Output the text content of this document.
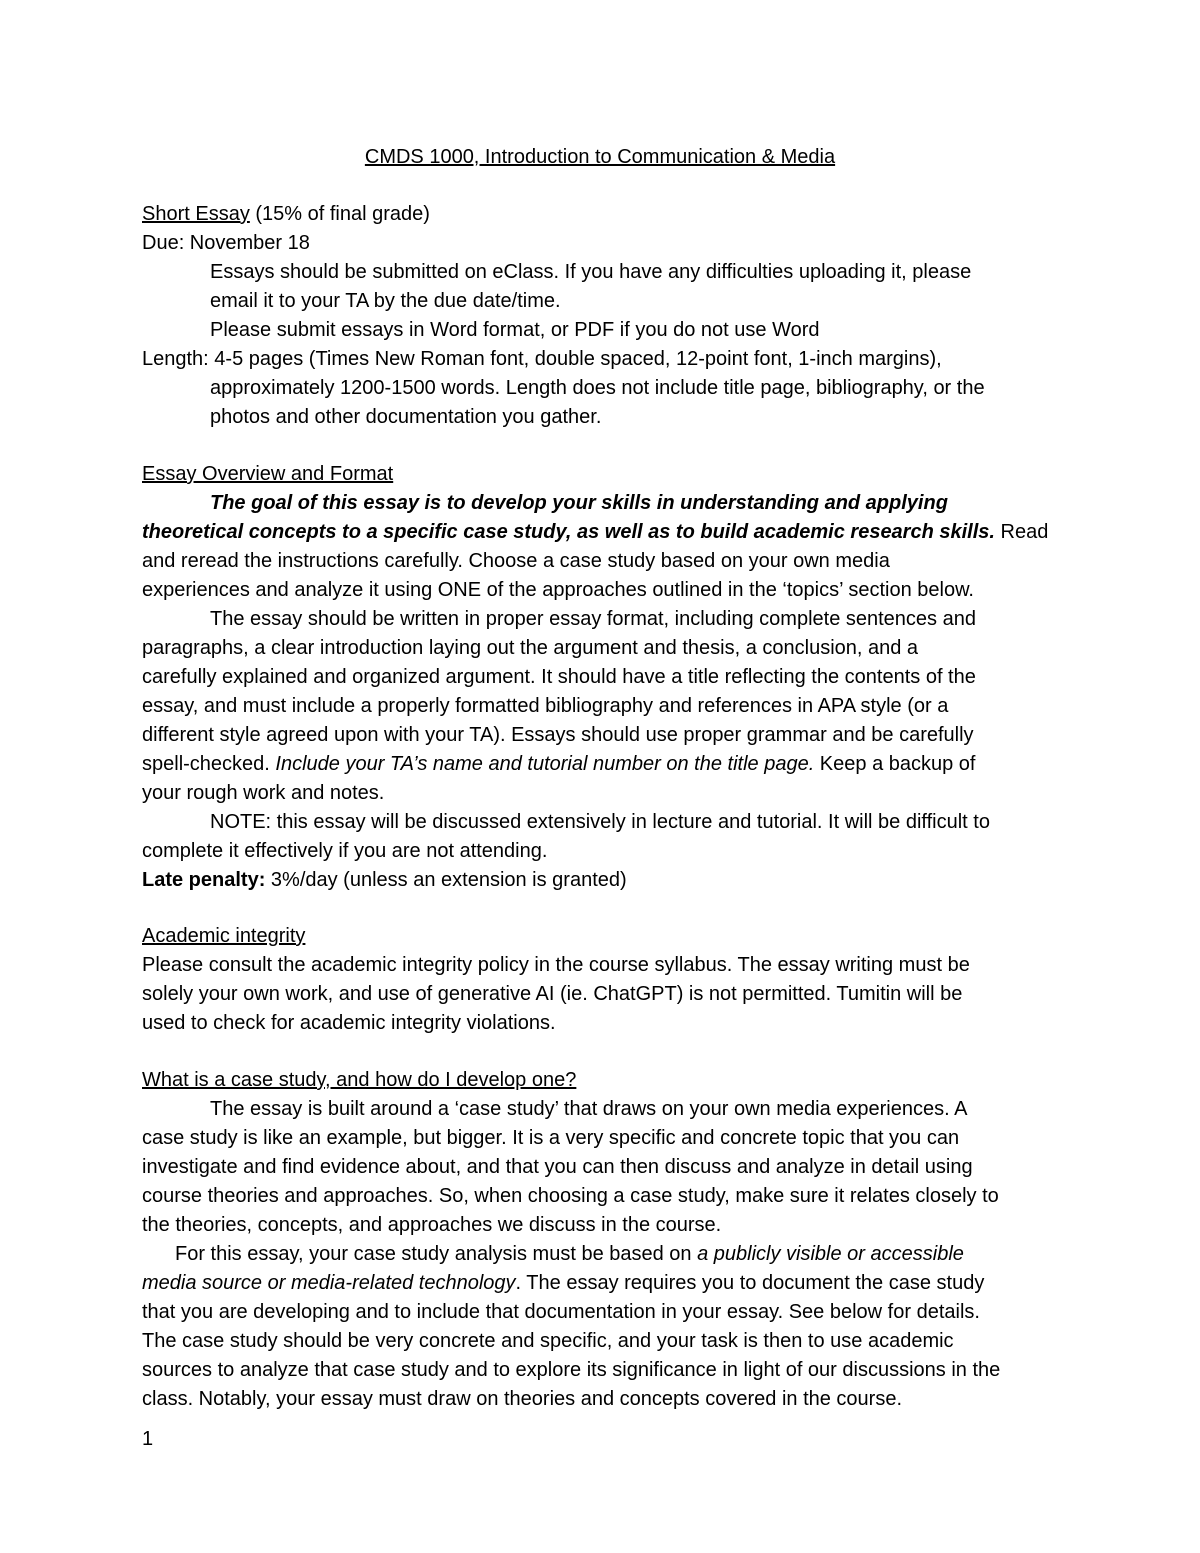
CMDS 1000, Introduction to Communication & Media
Short Essay (15% of final grade)
Due: November 18
Essays should be submitted on eClass. If you have any difficulties uploading it, please
email it to your TA by the due date/time.
Please submit essays in Word format, or PDF if you do not use Word
Length: 4-5 pages (Times New Roman font, double spaced, 12-point font, 1-inch margins),
approximately 1200-1500 words. Length does not include title page, bibliography, or the
photos and other documentation you gather.
Essay Overview and Format
The goal of this essay is to develop your skills in understanding and applying
theoretical concepts to a specific case study, as well as to build academic research skills. Read
and reread the instructions carefully. Choose a case study based on your own media
experiences and analyze it using ONE of the approaches outlined in the ‘topics’ section below.
The essay should be written in proper essay format, including complete sentences and
paragraphs, a clear introduction laying out the argument and thesis, a conclusion, and a
carefully explained and organized argument. It should have a title reflecting the contents of the
essay, and must include a properly formatted bibliography and references in APA style (or a
different style agreed upon with your TA). Essays should use proper grammar and be carefully
spell-checked. Include your TA’s name and tutorial number on the title page. Keep a backup of
your rough work and notes.
NOTE: this essay will be discussed extensively in lecture and tutorial. It will be difficult to
complete it effectively if you are not attending.
Late penalty: 3%/day (unless an extension is granted)
Academic integrity
Please consult the academic integrity policy in the course syllabus. The essay writing must be
solely your own work, and use of generative AI (ie. ChatGPT) is not permitted. Tumitin will be
used to check for academic integrity violations.
What is a case study, and how do I develop one?
The essay is built around a ‘case study’ that draws on your own media experiences. A
case study is like an example, but bigger. It is a very specific and concrete topic that you can
investigate and find evidence about, and that you can then discuss and analyze in detail using
course theories and approaches. So, when choosing a case study, make sure it relates closely to
the theories, concepts, and approaches we discuss in the course.
For this essay, your case study analysis must be based on a publicly visible or accessible
media source or media-related technology. The essay requires you to document the case study
that you are developing and to include that documentation in your essay. See below for details.
The case study should be very concrete and specific, and your task is then to use academic
sources to analyze that case study and to explore its significance in light of our discussions in the
class. Notably, your essay must draw on theories and concepts covered in the course.
1
